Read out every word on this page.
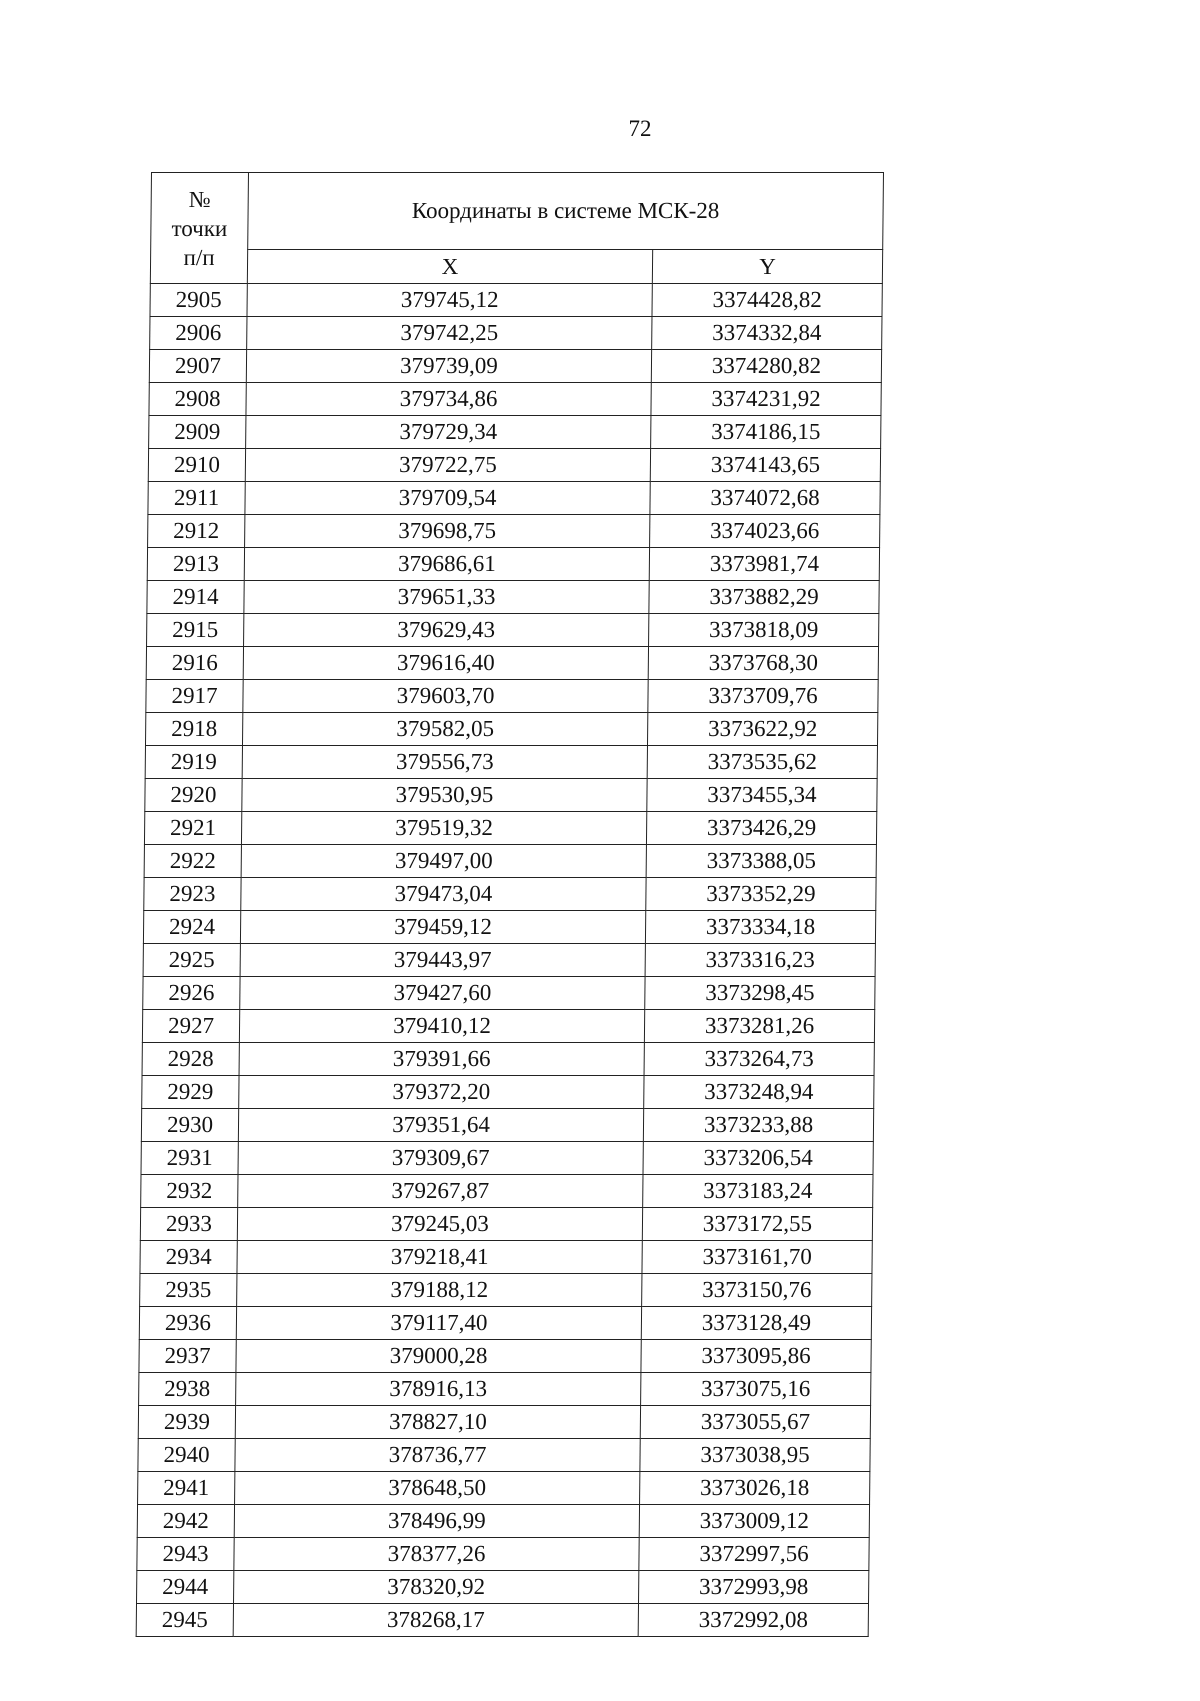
72
№
точки
п/п	Координаты в системе МСК-28	
	X	Y
2905	379745,12	3374428,82
2906	379742,25	3374332,84
2907	379739,09	3374280,82
2908	379734,86	3374231,92
2909	379729,34	3374186,15
2910	379722,75	3374143,65
2911	379709,54	3374072,68
2912	379698,75	3374023,66
2913	379686,61	3373981,74
2914	379651,33	3373882,29
2915	379629,43	3373818,09
2916	379616,40	3373768,30
2917	379603,70	3373709,76
2918	379582,05	3373622,92
2919	379556,73	3373535,62
2920	379530,95	3373455,34
2921	379519,32	3373426,29
2922	379497,00	3373388,05
2923	379473,04	3373352,29
2924	379459,12	3373334,18
2925	379443,97	3373316,23
2926	379427,60	3373298,45
2927	379410,12	3373281,26
2928	379391,66	3373264,73
2929	379372,20	3373248,94
2930	379351,64	3373233,88
2931	379309,67	3373206,54
2932	379267,87	3373183,24
2933	379245,03	3373172,55
2934	379218,41	3373161,70
2935	379188,12	3373150,76
2936	379117,40	3373128,49
2937	379000,28	3373095,86
2938	378916,13	3373075,16
2939	378827,10	3373055,67
2940	378736,77	3373038,95
2941	378648,50	3373026,18
2942	378496,99	3373009,12
2943	378377,26	3372997,56
2944	378320,92	3372993,98
2945	378268,17	3372992,08
